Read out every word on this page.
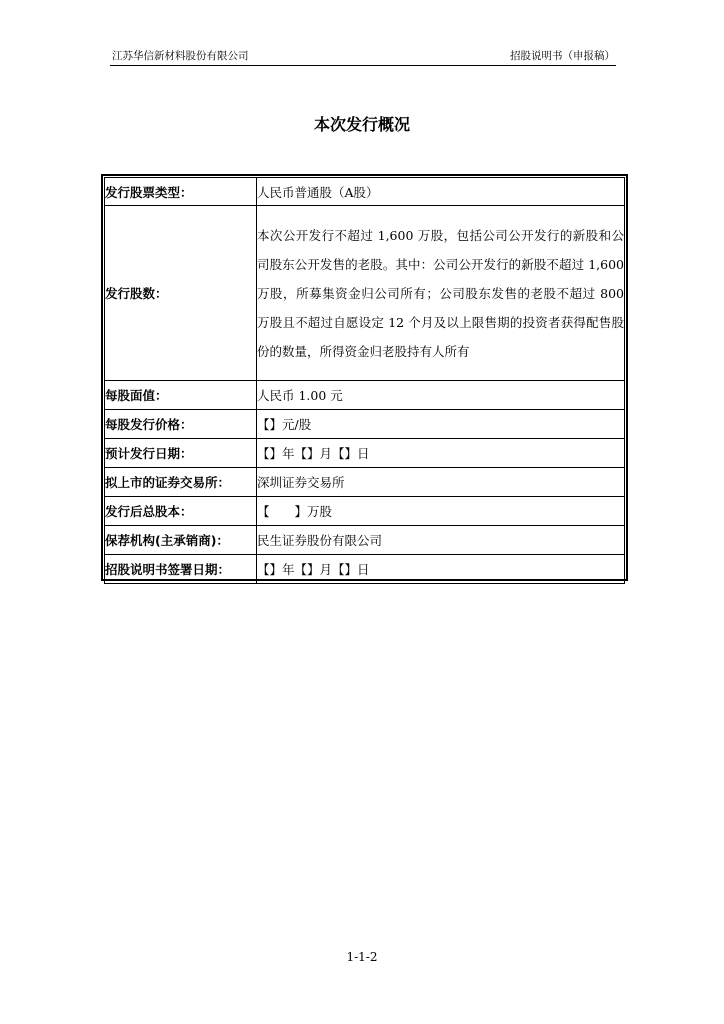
江苏华信新材料股份有限公司	招股说明书（申报稿）
本次发行概况
发行股票类型：	人民币普通股（A股）
发行股数：	本次公开发行不超过 1,600 万股，包括公司公开发行的新股和公司股东公开发售的老股。其中：公司公开发行的新股不超过 1,600 万股，所募集资金归公司所有；公司股东发售的老股不超过 800 万股且不超过自愿设定 12 个月及以上限售期的投资者获得配售股份的数量，所得资金归老股持有人所有

每股面值：	人民币 1.00 元
每股发行价格：	【】元/股
预计发行日期：	【】年【】月【】日
拟上市的证券交易所：	深圳证券交易所
发行后总股本：	【　　】万股
保荐机构(主承销商)：	民生证券股份有限公司
招股说明书签署日期：	【】年【】月【】日
1-1-2
